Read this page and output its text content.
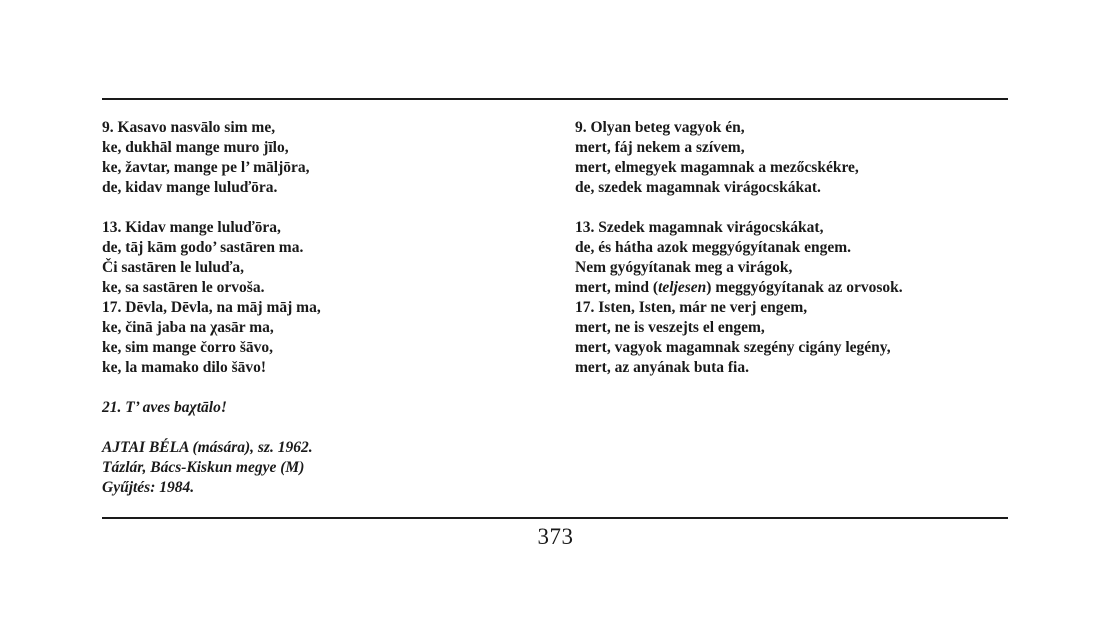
9. Kasavo nasvālo sim me,
ke, dukhāl mange muro jīlo,
ke, žavtar, mange pe l’ māljōra,
de, kidav mange luluďōra.
13. Kidav mange luluďōra,
de, tāj kām godo’ sastāren ma.
Či sastāren le luluďa,
ke, sa sastāren le orvoša.
17. Dēvla, Dēvla, na māj māj ma,
ke, činā jaba na χasār ma,
ke, sim mange čorro šāvo,
ke, la mamako dilo šāvo!
21. T’ aves baχtālo!
AJTAI BÉLA (mására), sz. 1962.
Tázlár, Bács-Kiskun megye (M)
Gyűjtés: 1984.
9. Olyan beteg vagyok én,
mert, fáj nekem a szívem,
mert, elmegyek magamnak a mezőcskékre,
de, szedek magamnak virágocskákat.
13. Szedek magamnak virágocskákat,
de, és hátha azok meggyógyítanak engem.
Nem gyógyítanak meg a virágok,
mert, mind (teljesen) meggyógyítanak az orvosok.
17. Isten, Isten, már ne verj engem,
mert, ne is veszejts el engem,
mert, vagyok magamnak szegény cigány legény,
mert, az anyának buta fia.
373
